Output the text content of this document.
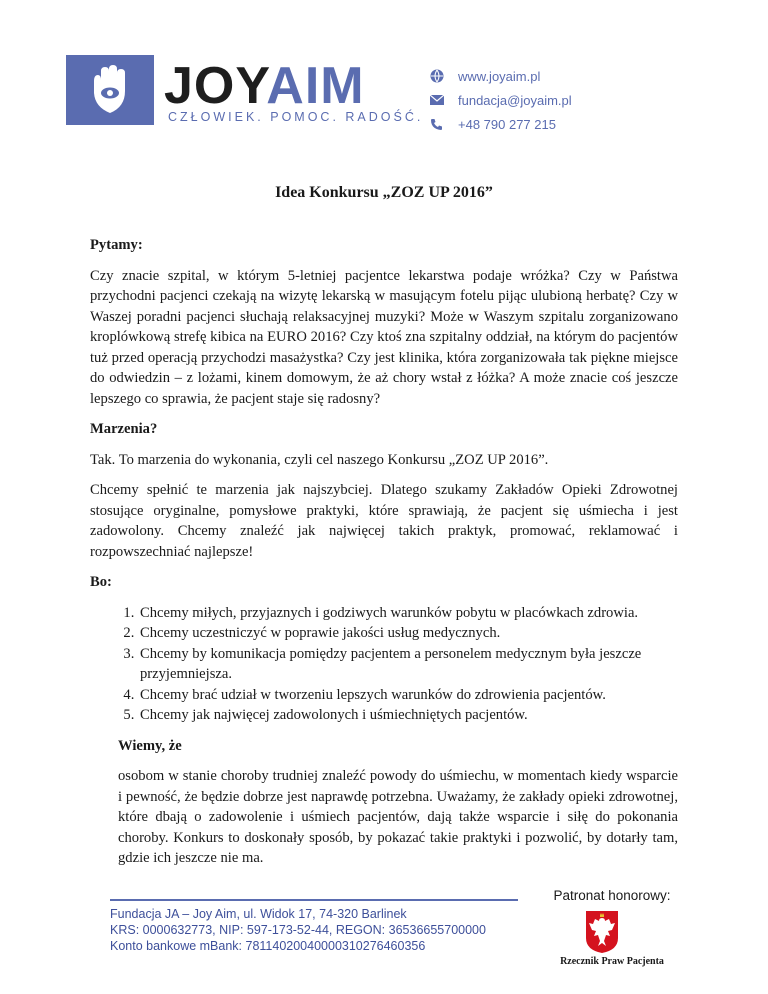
JOYAIM
CZŁOWIEK. POMOC. RADOŚĆ.
www.joyaim.pl
fundacja@joyaim.pl
+48 790 277 215
Idea Konkursu „ZOZ UP 2016”

Pytamy:

Czy znacie szpital, w którym 5-letniej pacjentce lekarstwa podaje wróżka? Czy w Państwa przychodni pacjenci czekają na wizytę lekarską w masującym fotelu pijąc ulubioną herbatę? Czy w Waszej poradni pacjenci słuchają relaksacyjnej muzyki? Może w Waszym szpitalu zorganizowano kroplówkową strefę kibica na EURO 2016? Czy ktoś zna szpitalny oddział, na którym do pacjentów tuż przed operacją przychodzi masażystka? Czy jest klinika, która zorganizowała tak piękne miejsce do odwiedzin – z lożami, kinem domowym, że aż chory wstał z łóżka? A może znacie coś jeszcze lepszego co sprawia, że pacjent staje się radosny?

Marzenia?

Tak. To marzenia do wykonania, czyli cel naszego Konkursu „ZOZ UP 2016”.

Chcemy spełnić te marzenia jak najszybciej. Dlatego szukamy Zakładów Opieki Zdrowotnej stosujące oryginalne, pomysłowe praktyki, które sprawiają, że pacjent się uśmiecha i jest zadowolony. Chcemy znaleźć jak najwięcej takich praktyk, promować, reklamować i rozpowszechniać najlepsze!

Bo:

1. Chcemy miłych, przyjaznych i godziwych warunków pobytu w placówkach zdrowia.
2. Chcemy uczestniczyć w poprawie jakości usług medycznych.
3. Chcemy by komunikacja pomiędzy pacjentem a personelem medycznym była jeszcze przyjemniejsza.
4. Chcemy brać udział w tworzeniu lepszych warunków do zdrowienia pacjentów.
5. Chcemy jak najwięcej zadowolonych i uśmiechniętych pacjentów.

Wiemy, że

osobom w stanie choroby trudniej znaleźć powody do uśmiechu, w momentach kiedy wsparcie i pewność, że będzie dobrze jest naprawdę potrzebna. Uważamy, że zakłady opieki zdrowotnej, które dbają o zadowolenie i uśmiech pacjentów, dają także wsparcie i siłę do pokonania choroby. Konkurs to doskonały sposób, by pokazać takie praktyki i pozwolić, by dotarły tam, gdzie ich jeszcze nie ma.

Fundacja JA – Joy Aim, ul. Widok 17, 74-320 Barlinek
KRS: 0000632773, NIP: 597-173-52-44, REGON: 36536655700000
Konto bankowe mBank: 78114020040000310276460356
Patronat honorowy:
Rzecznik Praw Pacjenta
